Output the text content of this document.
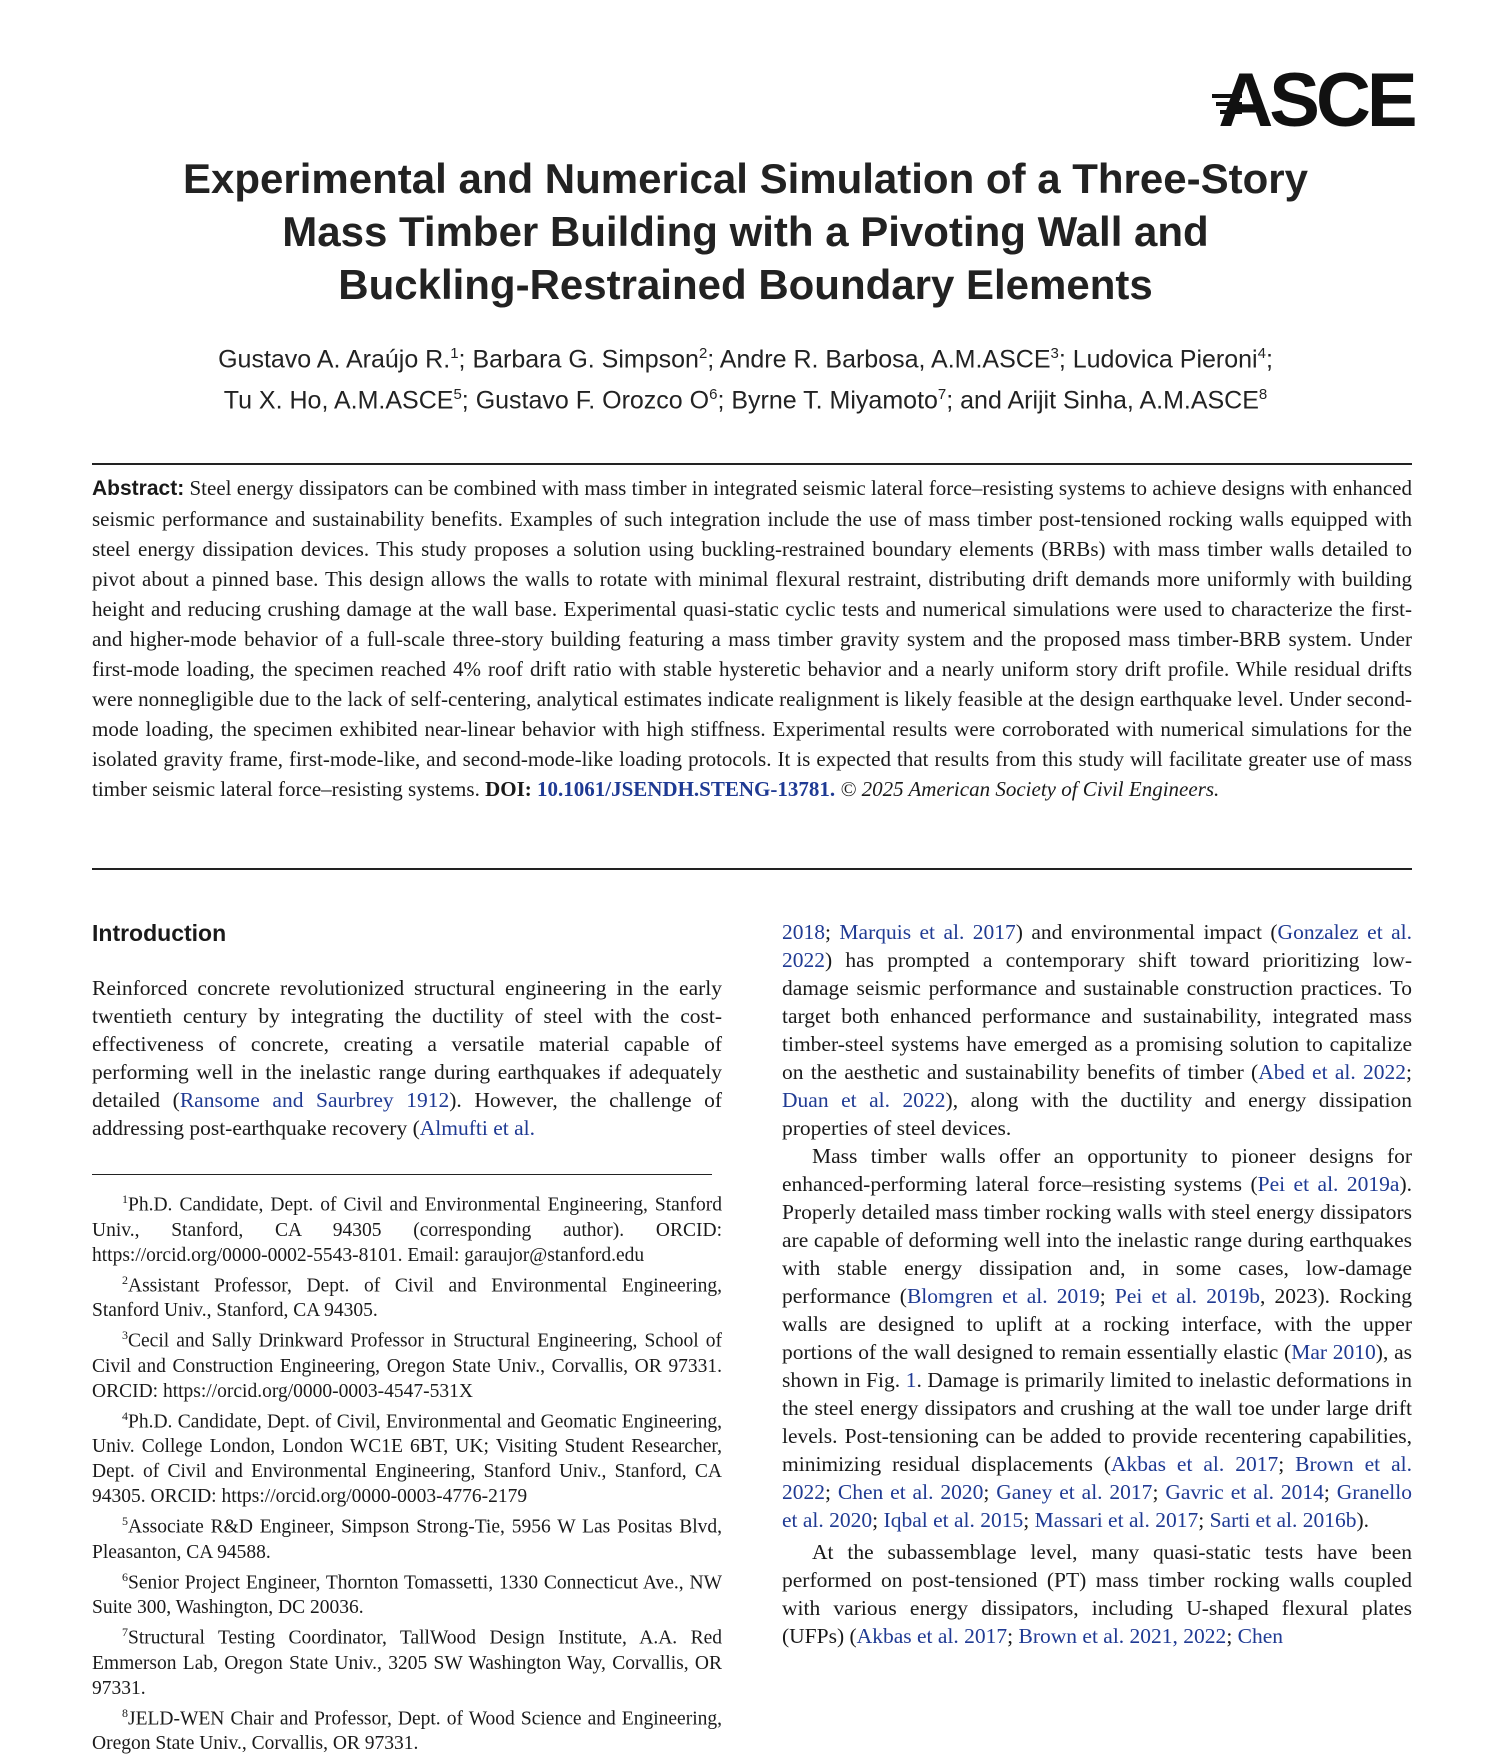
ASCE
Experimental and Numerical Simulation of a Three-Story
Mass Timber Building with a Pivoting Wall and
Buckling-Restrained Boundary Elements
Gustavo A. Araújo R.$^1$; Barbara G. Simpson$^2$; Andre R. Barbosa, A.M.ASCE$^3$; Ludovica Pieroni$^4$;
Tu X. Ho, A.M.ASCE$^5$; Gustavo F. Orozco $O^6$; Byrne T. Miyamoto$^7$; and Arijit Sinha, A.M.ASCE$^8$
Abstract: Steel energy dissipators can be combined with mass timber in integrated seismic lateral force–resisting systems to achieve designs with enhanced seismic performance and sustainability benefits. Examples of such integration include the use of mass timber post-tensioned rocking walls equipped with steel energy dissipation devices. This study proposes a solution using buckling-restrained boundary elements (BRBs) with mass timber walls detailed to pivot about a pinned base. This design allows the walls to rotate with minimal flexural restraint, distributing drift demands more uniformly with building height and reducing crushing damage at the wall base. Experimental quasi-static cyclic tests and numerical simulations were used to characterize the first- and higher-mode behavior of a full-scale three-story building featuring a mass timber gravity system and the proposed mass timber-BRB system. Under first-mode loading, the specimen reached 4% roof drift ratio with stable hysteretic behavior and a nearly uniform story drift profile. While residual drifts were nonnegligible due to the lack of self-centering, analytical estimates indicate realignment is likely feasible at the design earthquake level. Under second-mode loading, the specimen exhibited near-linear behavior with high stiffness. Experimental results were corroborated with numerical simulations for the isolated gravity frame, first-mode-like, and second-mode-like loading protocols. It is expected that results from this study will facilitate greater use of mass timber seismic lateral force–resisting systems. DOI: 10.1061/JSENDH.STENG-13781. © 2025 American Society of Civil Engineers.
Introduction

Reinforced concrete revolutionized structural engineering in the early twentieth century by integrating the ductility of steel with the cost-effectiveness of concrete, creating a versatile material capable of performing well in the inelastic range during earthquakes if adequately detailed (Ransome and Saurbrey 1912). However, the challenge of addressing post-earthquake recovery (Almufti et al.

$^1$Ph.D. Candidate, Dept. of Civil and Environmental Engineering, Stanford Univ., Stanford, CA 94305 (corresponding author). ORCID: https://orcid.org/0000-0002-5543-8101. Email: garaujor@stanford.edu

$^2$Assistant Professor, Dept. of Civil and Environmental Engineering, Stanford Univ., Stanford, CA 94305.

$^3$Cecil and Sally Drinkward Professor in Structural Engineering, School of Civil and Construction Engineering, Oregon State Univ., Corvallis, OR 97331. ORCID: https://orcid.org/0000-0003-4547-531X

$^4$Ph.D. Candidate, Dept. of Civil, Environmental and Geomatic Engineering, Univ. College London, London WC1E 6BT, UK; Visiting Student Researcher, Dept. of Civil and Environmental Engineering, Stanford Univ., Stanford, CA 94305. ORCID: https://orcid.org/0000-0003-4776-2179

$^5$Associate R&D Engineer, Simpson Strong-Tie, 5956 W Las Positas Blvd, Pleasanton, CA 94588.

$^6$Senior Project Engineer, Thornton Tomassetti, 1330 Connecticut Ave., NW Suite 300, Washington, DC 20036.

$^7$Structural Testing Coordinator, TallWood Design Institute, A.A. Red Emmerson Lab, Oregon State Univ., 3205 SW Washington Way, Corvallis, OR 97331.

$^8$JELD-WEN Chair and Professor, Dept. of Wood Science and Engineering, Oregon State Univ., Corvallis, OR 97331.

2018; Marquis et al. 2017) and environmental impact (Gonzalez et al. 2022) has prompted a contemporary shift toward prioritizing low-damage seismic performance and sustainable construction practices. To target both enhanced performance and sustainability, integrated mass timber-steel systems have emerged as a promising solution to capitalize on the aesthetic and sustainability benefits of timber (Abed et al. 2022; Duan et al. 2022), along with the ductility and energy dissipation properties of steel devices.

Mass timber walls offer an opportunity to pioneer designs for enhanced-performing lateral force–resisting systems (Pei et al. 2019a). Properly detailed mass timber rocking walls with steel energy dissipators are capable of deforming well into the inelastic range during earthquakes with stable energy dissipation and, in some cases, low-damage performance (Blomgren et al. 2019; Pei et al. 2019b, 2023). Rocking walls are designed to uplift at a rocking interface, with the upper portions of the wall designed to remain essentially elastic (Mar 2010), as shown in Fig. 1. Damage is primarily limited to inelastic deformations in the steel energy dissipators and crushing at the wall toe under large drift levels. Post-tensioning can be added to provide recentering capabilities, minimizing residual displacements (Akbas et al. 2017; Brown et al. 2022; Chen et al. 2020; Ganey et al. 2017; Gavric et al. 2014; Granello et al. 2020; Iqbal et al. 2015; Massari et al. 2017; Sarti et al. 2016b).

At the subassemblage level, many quasi-static tests have been performed on post-tensioned (PT) mass timber rocking walls coupled with various energy dissipators, including U-shaped flexural plates (UFPs) (Akbas et al. 2017; Brown et al. 2021, 2022; Chen
